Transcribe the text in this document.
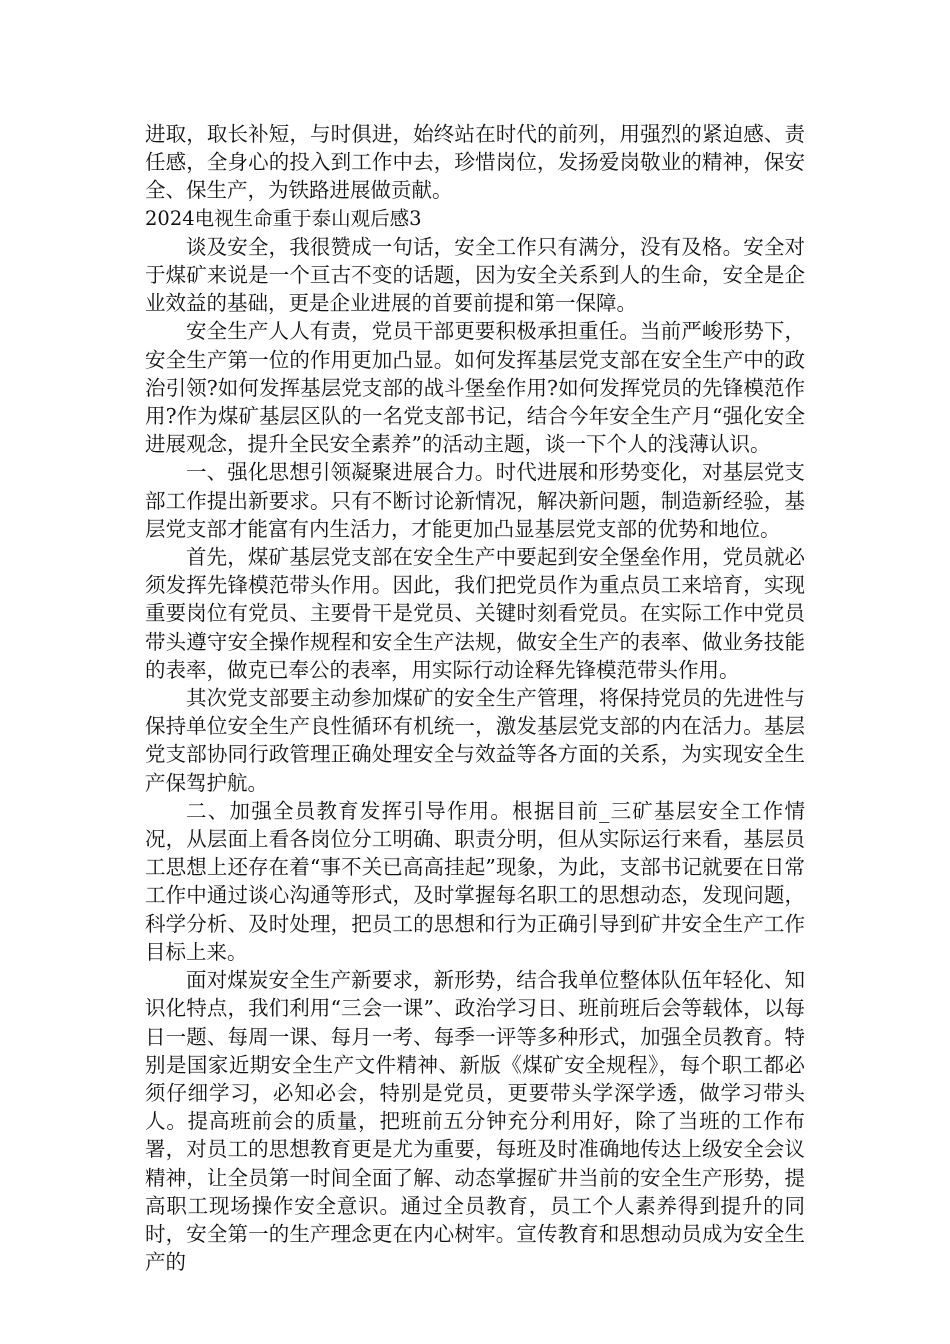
进取，取长补短，与时俱进，始终站在时代的前列，用强烈的紧迫感、责任感，全身心的投入到工作中去，珍惜岗位，发扬爱岗敬业的精神，保安全、保生产，为铁路进展做贡献。

2024电视生命重于泰山观后感3

谈及安全，我很赞成一句话，安全工作只有满分，没有及格。安全对于煤矿来说是一个亘古不变的话题，因为安全关系到人的生命，安全是企业效益的基础，更是企业进展的首要前提和第一保障。

安全生产人人有责，党员干部更要积极承担重任。当前严峻形势下，安全生产第一位的作用更加凸显。如何发挥基层党支部在安全生产中的政治引领?如何发挥基层党支部的战斗堡垒作用?如何发挥党员的先锋模范作用?作为煤矿基层区队的一名党支部书记，结合今年安全生产月“强化安全进展观念，提升全民安全素养”的活动主题，谈一下个人的浅薄认识。

一、强化思想引领凝聚进展合力。时代进展和形势变化，对基层党支部工作提出新要求。只有不断讨论新情况，解决新问题，制造新经验，基层党支部才能富有内生活力，才能更加凸显基层党支部的优势和地位。

首先，煤矿基层党支部在安全生产中要起到安全堡垒作用，党员就必须发挥先锋模范带头作用。因此，我们把党员作为重点员工来培育，实现重要岗位有党员、主要骨干是党员、关键时刻看党员。在实际工作中党员带头遵守安全操作规程和安全生产法规，做安全生产的表率、做业务技能的表率，做克已奉公的表率，用实际行动诠释先锋模范带头作用。

其次党支部要主动参加煤矿的安全生产管理，将保持党员的先进性与保持单位安全生产良性循环有机统一，激发基层党支部的内在活力。基层党支部协同行政管理正确处理安全与效益等各方面的关系，为实现安全生产保驾护航。

二、加强全员教育发挥引导作用。根据目前_三矿基层安全工作情况，从层面上看各岗位分工明确、职责分明，但从实际运行来看，基层员工思想上还存在着“事不关已高高挂起”现象，为此，支部书记就要在日常工作中通过谈心沟通等形式，及时掌握每名职工的思想动态，发现问题，科学分析、及时处理，把员工的思想和行为正确引导到矿井安全生产工作目标上来。

面对煤炭安全生产新要求，新形势，结合我单位整体队伍年轻化、知识化特点，我们利用“三会一课”、政治学习日、班前班后会等载体，以每日一题、每周一课、每月一考、每季一评等多种形式，加强全员教育。特别是国家近期安全生产文件精神、新版《煤矿安全规程》，每个职工都必须仔细学习，必知必会，特别是党员，更要带头学深学透，做学习带头人。提高班前会的质量，把班前五分钟充分利用好，除了当班的工作布署，对员工的思想教育更是尤为重要，每班及时准确地传达上级安全会议精神，让全员第一时间全面了解、动态掌握矿井当前的安全生产形势，提高职工现场操作安全意识。通过全员教育，员工个人素养得到提升的同时，安全第一的生产理念更在内心树牢。宣传教育和思想动员成为安全生产的
